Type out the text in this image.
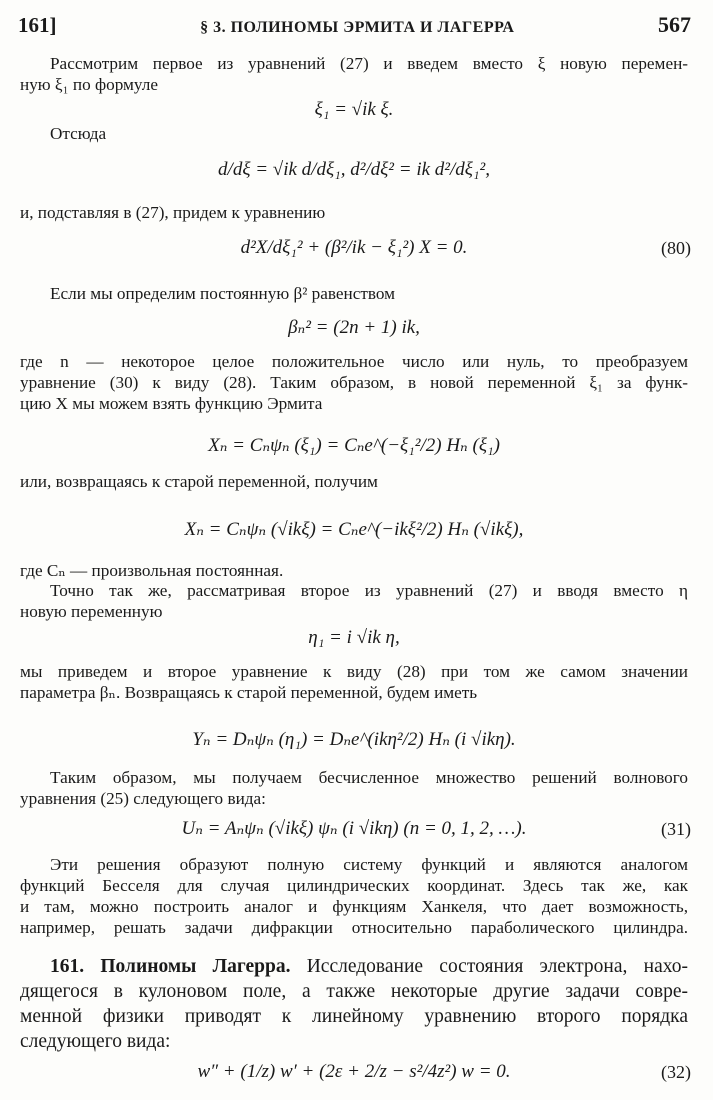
161]	§ 3. ПОЛИНОМЫ ЭРМИТА И ЛАГЕРРА	567
Рассмотрим первое из уравнений (27) и введем вместо ξ новую перемен-
ную ξ₁ по формуле
ξ₁ = √ik ξ.
Отсюда
d/dξ = √ik d/dξ₁, d²/dξ² = ik d²/dξ₁²,
и, подставляя в (27), придем к уравнению
d²X/dξ₁² + (β²/ik − ξ₁²) X = 0.	(80)
Если мы определим постоянную β² равенством
βₙ² = (2n + 1) ik,
где n — некоторое целое положительное число или нуль, то преобразуем
уравнение (30) к виду (28). Таким образом, в новой переменной ξ₁ за функ-
цию X мы можем взять функцию Эрмита
Xₙ = Cₙψₙ (ξ₁) = Cₙe^(−ξ₁²/2) Hₙ (ξ₁)
или, возвращаясь к старой переменной, получим
Xₙ = Cₙψₙ (√ikξ) = Cₙe^(−ikξ²/2) Hₙ (√ikξ),
где Cₙ — произвольная постоянная.
Точно так же, рассматривая второе из уравнений (27) и вводя вместо η
новую переменную
η₁ = i √ik η,
мы приведем и второе уравнение к виду (28) при том же самом значении
параметра βₙ. Возвращаясь к старой переменной, будем иметь
Yₙ = Dₙψₙ (η₁) = Dₙe^(ikη²/2) Hₙ (i √ikη).
Таким образом, мы получаем бесчисленное множество решений волнового
уравнения (25) следующего вида:
Uₙ = Aₙψₙ (√ikξ) ψₙ (i √ikη) (n = 0, 1, 2, …).	(31)
Эти решения образуют полную систему функций и являются аналогом
функций Бесселя для случая цилиндрических координат. Здесь так же, как
и там, можно построить аналог и функциям Ханкеля, что дает возможность,
например, решать задачи дифракции относительно параболического цилиндра.
161. Полиномы Лагерра. Исследование состояния электрона, нахо-
дящегося в кулоновом поле, а также некоторые другие задачи совре-
менной физики приводят к линейному уравнению второго порядка
следующего вида:
w″ + (1/z) w′ + (2ε + 2/z − s²/4z²) w = 0.	(32)
